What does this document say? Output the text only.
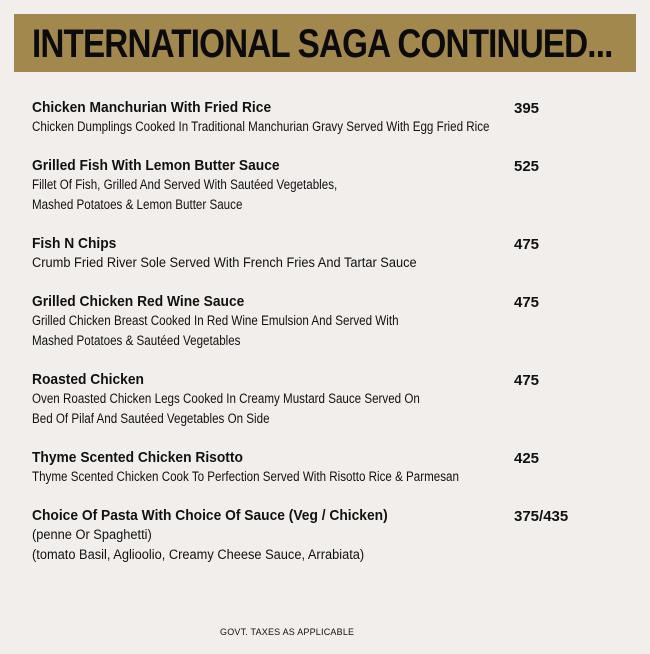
INTERNATIONAL SAGA CONTINUED...
Chicken Manchurian With Fried Rice	395
Chicken Dumplings Cooked In Traditional Manchurian Gravy Served With Egg Fried Rice
Grilled Fish With Lemon Butter Sauce	525
Fillet Of Fish, Grilled And Served With Sautéed Vegetables,
Mashed Potatoes & Lemon Butter Sauce
Fish N Chips	475
Crumb Fried River Sole Served With French Fries And Tartar Sauce
Grilled Chicken Red Wine Sauce	475
Grilled Chicken Breast Cooked In Red Wine Emulsion And Served With
Mashed Potatoes & Sautéed Vegetables
Roasted Chicken	475
Oven Roasted Chicken Legs Cooked In Creamy Mustard Sauce Served On
Bed Of Pilaf And Sautéed Vegetables On Side
Thyme Scented Chicken Risotto	425
Thyme Scented Chicken Cook To Perfection Served With Risotto Rice & Parmesan
Choice Of Pasta With Choice Of Sauce (Veg / Chicken)	375/435
(penne Or Spaghetti)
(tomato Basil, Aglioolio, Creamy Cheese Sauce, Arrabiata)
GOVT. TAXES AS APPLICABLE
